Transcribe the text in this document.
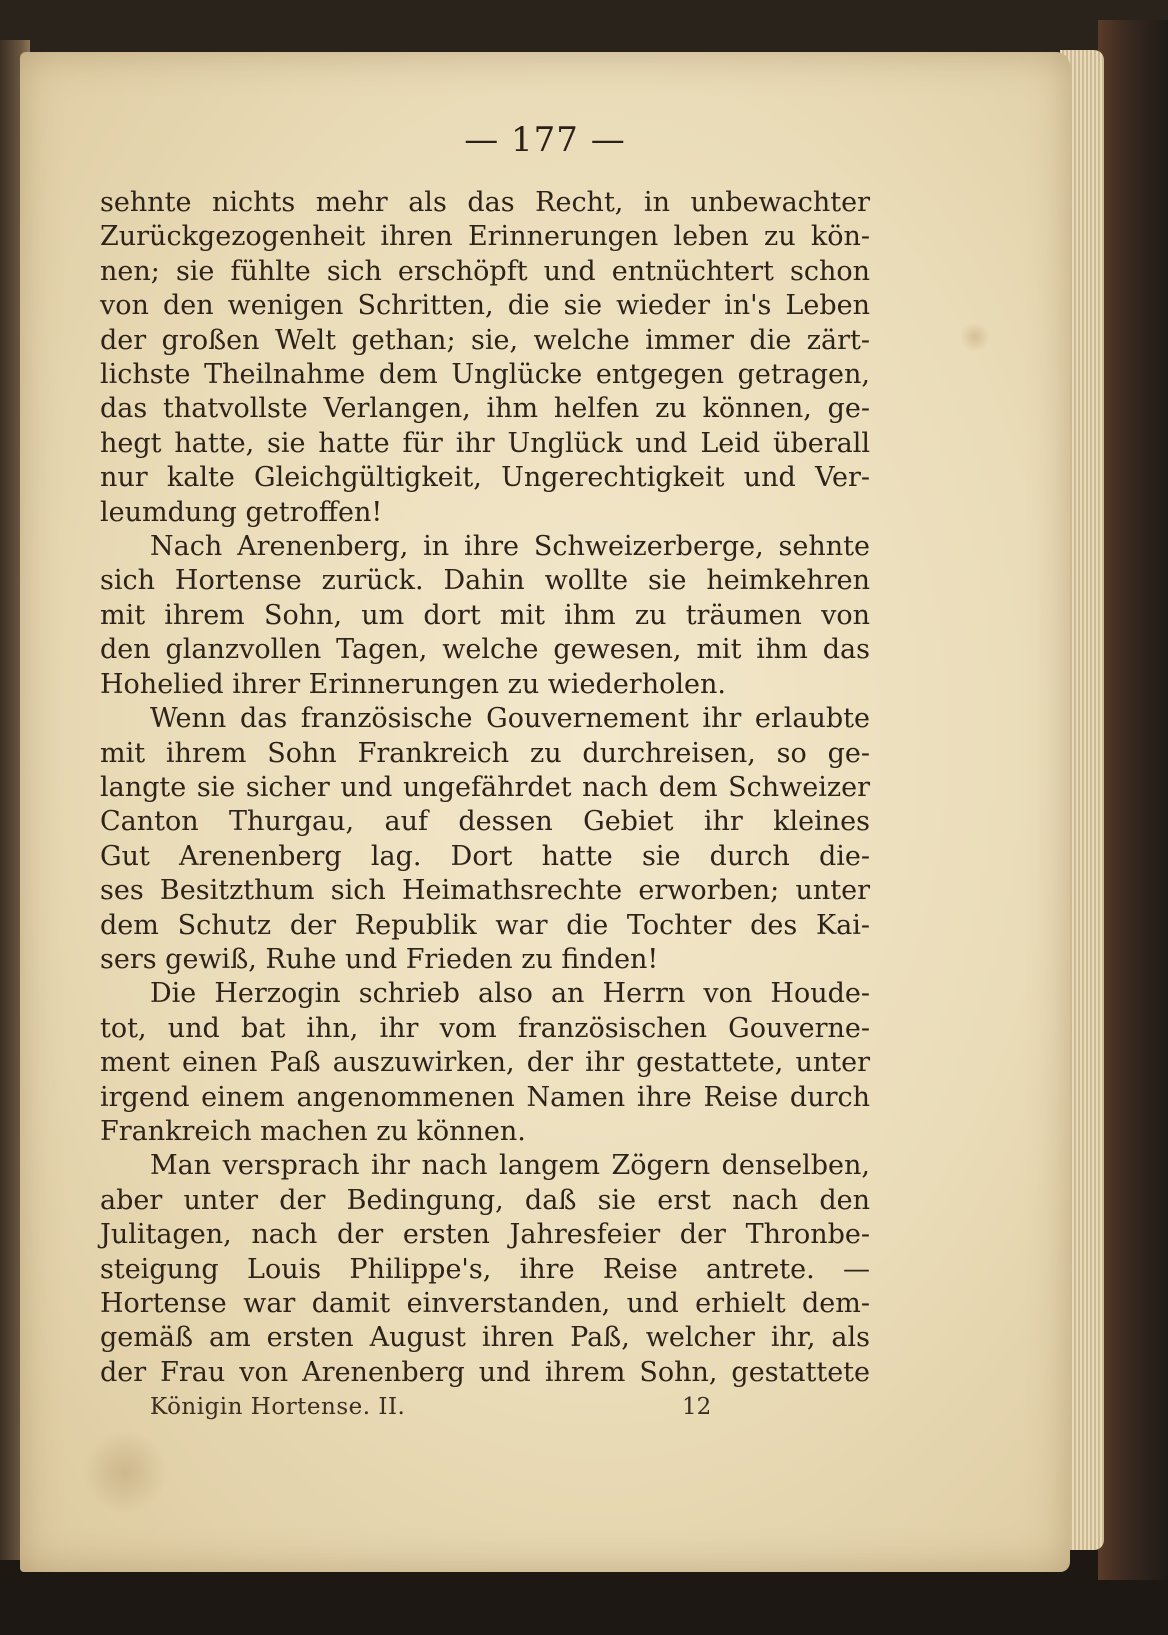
— 177 —
sehnte nichts mehr als das Recht, in unbewachter
Zurückgezogenheit ihren Erinnerungen leben zu kön-
nen; sie fühlte sich erschöpft und entnüchtert schon
von den wenigen Schritten, die sie wieder in's Leben
der großen Welt gethan; sie, welche immer die zärt-
lichste Theilnahme dem Unglücke entgegen getragen,
das thatvollste Verlangen, ihm helfen zu können, ge-
hegt hatte, sie hatte für ihr Unglück und Leid überall
nur kalte Gleichgültigkeit, Ungerechtigkeit und Ver-
leumdung getroffen!
Nach Arenenberg, in ihre Schweizerberge, sehnte
sich Hortense zurück. Dahin wollte sie heimkehren
mit ihrem Sohn, um dort mit ihm zu träumen von
den glanzvollen Tagen, welche gewesen, mit ihm das
Hohelied ihrer Erinnerungen zu wiederholen.
Wenn das französische Gouvernement ihr erlaubte
mit ihrem Sohn Frankreich zu durchreisen, so ge-
langte sie sicher und ungefährdet nach dem Schweizer
Canton Thurgau, auf dessen Gebiet ihr kleines
Gut Arenenberg lag. Dort hatte sie durch die-
ses Besitzthum sich Heimathsrechte erworben; unter
dem Schutz der Republik war die Tochter des Kai-
sers gewiß, Ruhe und Frieden zu finden!
Die Herzogin schrieb also an Herrn von Houde-
tot, und bat ihn, ihr vom französischen Gouverne-
ment einen Paß auszuwirken, der ihr gestattete, unter
irgend einem angenommenen Namen ihre Reise durch
Frankreich machen zu können.
Man versprach ihr nach langem Zögern denselben,
aber unter der Bedingung, daß sie erst nach den
Julitagen, nach der ersten Jahresfeier der Thronbe-
steigung Louis Philippe's, ihre Reise antrete. —
Hortense war damit einverstanden, und erhielt dem-
gemäß am ersten August ihren Paß, welcher ihr, als
der Frau von Arenenberg und ihrem Sohn, gestattete
Königin Hortense. II.	12
